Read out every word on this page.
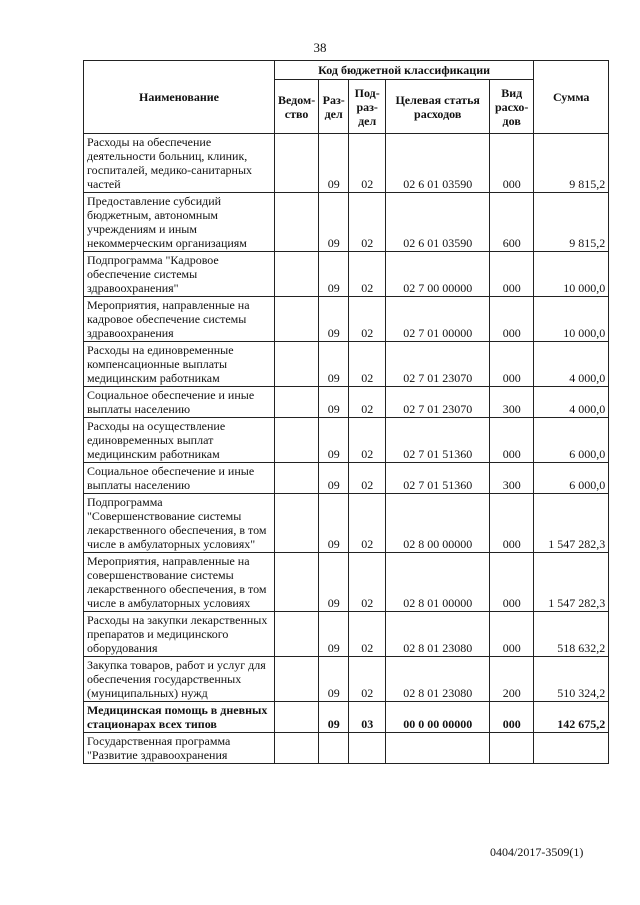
38
Наименование	Код бюджетной классификации					Сумма
	Ведом-ство	Раз-дел	Под-раз-дел	Целевая статья расходов	Вид расхо-дов	
Расходы на обеспечение деятельности больниц, клиник, госпиталей, медико-санитарных частей		09	02	02 6 01 03590	000	9 815,2
Предоставление субсидий бюджетным, автономным учреждениям и иным некоммерческим организациям		09	02	02 6 01 03590	600	9 815,2
Подпрограмма "Кадровое обеспечение системы здравоохранения"		09	02	02 7 00 00000	000	10 000,0
Мероприятия, направленные на кадровое обеспечение системы здравоохранения		09	02	02 7 01 00000	000	10 000,0
Расходы на единовременные компенсационные выплаты медицинским работникам		09	02	02 7 01 23070	000	4 000,0
Социальное обеспечение и иные выплаты населению		09	02	02 7 01 23070	300	4 000,0
Расходы на осуществление единовременных выплат медицинским работникам		09	02	02 7 01 51360	000	6 000,0
Социальное обеспечение и иные выплаты населению		09	02	02 7 01 51360	300	6 000,0
Подпрограмма "Совершенствование системы лекарственного обеспечения, в том числе в амбулаторных условиях"		09	02	02 8 00 00000	000	1 547 282,3
Мероприятия, направленные на совершенствование системы лекарственного обеспечения, в том числе в амбулаторных условиях		09	02	02 8 01 00000	000	1 547 282,3
Расходы на закупки лекарственных препаратов и медицинского оборудования		09	02	02 8 01 23080	000	518 632,2
Закупка товаров, работ и услуг для обеспечения государственных (муниципальных) нужд		09	02	02 8 01 23080	200	510 324,2
Медицинская помощь в дневных стационарах всех типов		09	03	00 0 00 00000	000	142 675,2
Государственная программа "Развитие здравоохранения						
0404/2017-3509(1)
